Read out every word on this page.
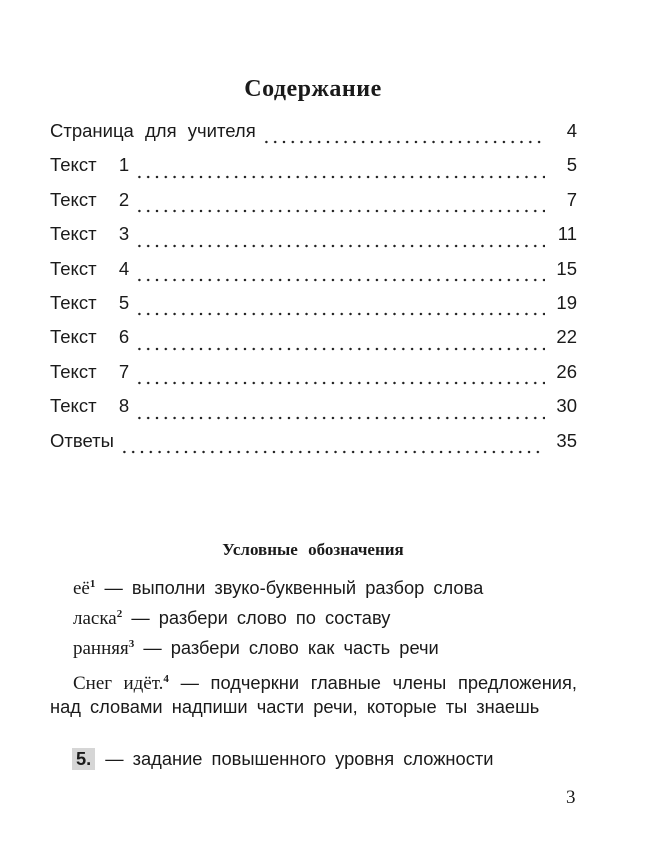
Содержание
Страница для учителя	4
Текст  1	5
Текст  2	7
Текст  3	11
Текст  4	15
Текст  5	19
Текст  6	22
Текст  7	26
Текст  8	30
Ответы	35
Условные обозначения
$её^1$ — выполни звуко-буквенный разбор слова
ласка$^2$ — разбери слово по составу
ранняя$^3$ — разбери слово как часть речи
Снег идёт.$^4$ — подчеркни главные члены предложения, над словами надпиши части речи, которые ты знаешь
5. — задание повышенного уровня сложности
3
